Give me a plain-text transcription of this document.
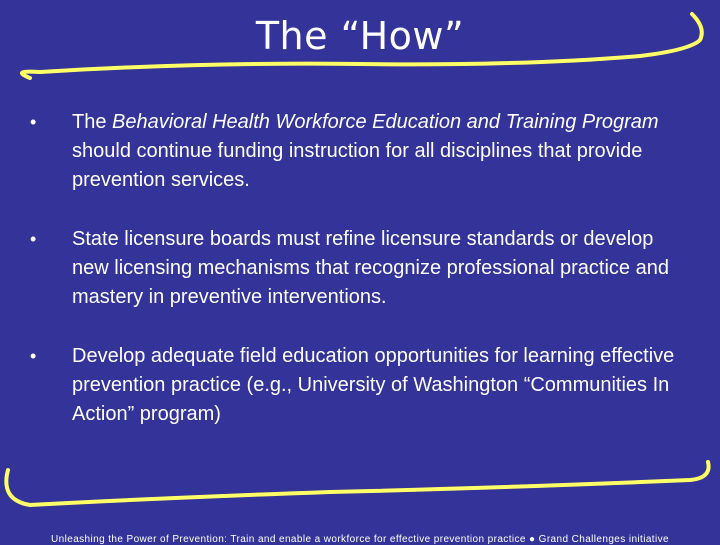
The “How”
•	The Behavioral Health Workforce Education and Training Program should continue funding instruction for all disciplines that provide prevention services.
•	State licensure boards must refine licensure standards or develop new licensing mechanisms that recognize professional practice and mastery in preventive interventions.
•	Develop adequate field education opportunities for learning effective prevention practice (e.g., University of Washington “Communities In Action” program)
Unleashing the Power of Prevention: Train and enable a workforce for effective prevention practice ● Grand Challenges initiative
